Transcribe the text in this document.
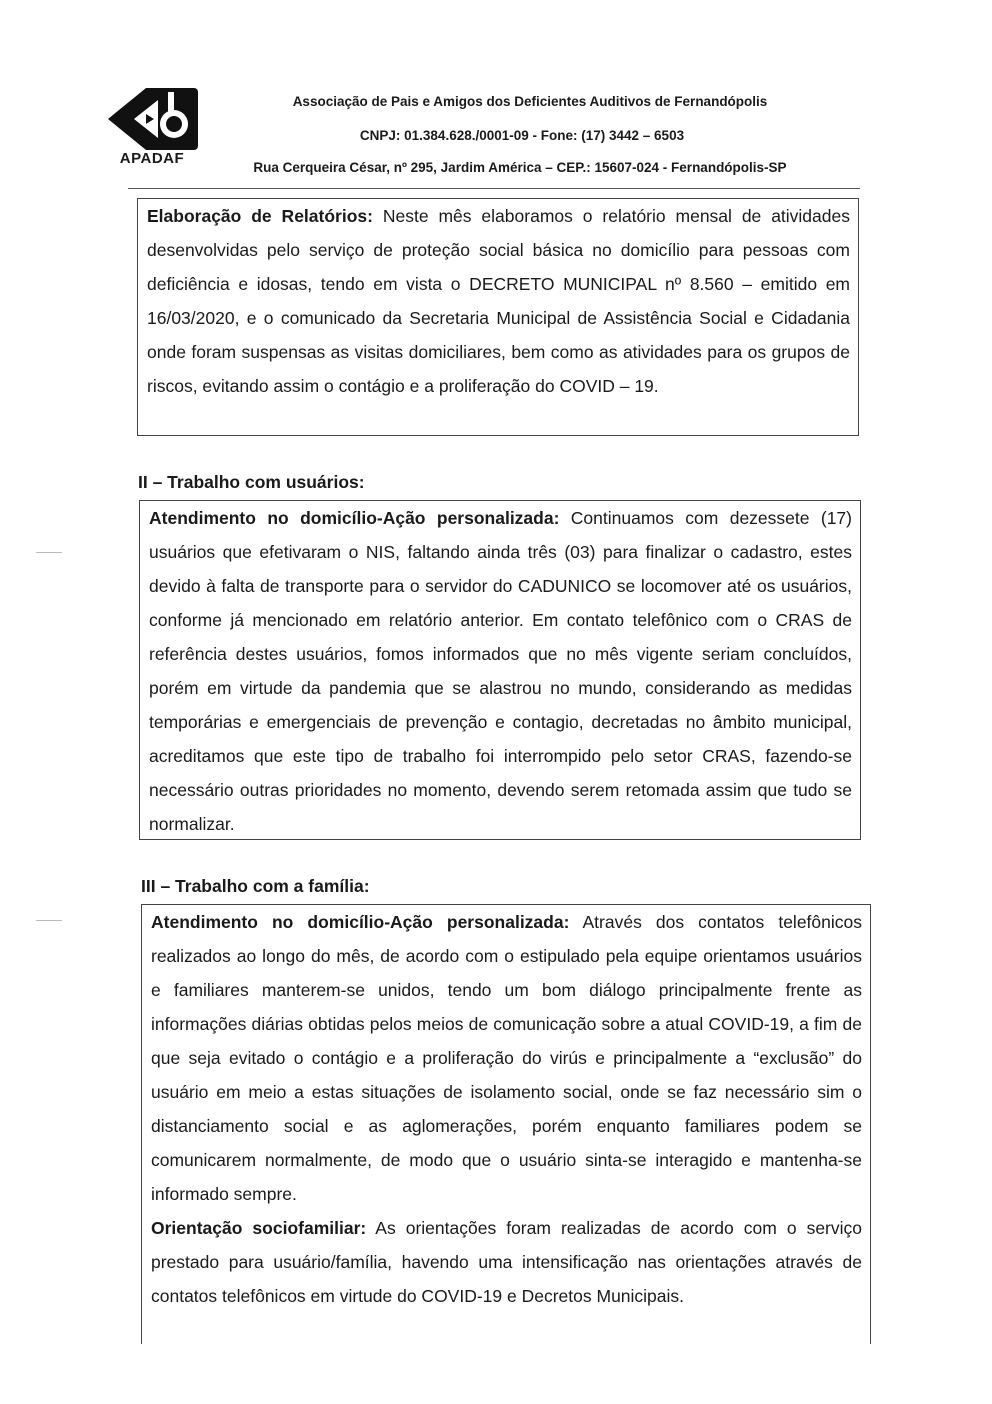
APADAF
Associação de Pais e Amigos dos Deficientes Auditivos de Fernandópolis
CNPJ: 01.384.628./0001-09 - Fone: (17) 3442 – 6503
Rua Cerqueira César, nº 295, Jardim América – CEP.: 15607-024 - Fernandópolis-SP

Elaboração de Relatórios: Neste mês elaboramos o relatório mensal de atividades desenvolvidas pelo serviço de proteção social básica no domicílio para pessoas com deficiência e idosas, tendo em vista o DECRETO MUNICIPAL nº 8.560 – emitido em 16/03/2020, e o comunicado da Secretaria Municipal de Assistência Social e Cidadania onde foram suspensas as visitas domiciliares, bem como as atividades para os grupos de riscos, evitando assim o contágio e a proliferação do COVID – 19.

II – Trabalho com usuários:

Atendimento no domicílio-Ação personalizada: Continuamos com dezessete (17) usuários que efetivaram o NIS, faltando ainda três (03) para finalizar o cadastro, estes devido à falta de transporte para o servidor do CADUNICO se locomover até os usuários, conforme já mencionado em relatório anterior. Em contato telefônico com o CRAS de referência destes usuários, fomos informados que no mês vigente seriam concluídos, porém em virtude da pandemia que se alastrou no mundo, considerando as medidas temporárias e emergenciais de prevenção e contagio, decretadas no âmbito municipal, acreditamos que este tipo de trabalho foi interrompido pelo setor CRAS, fazendo-se necessário outras prioridades no momento, devendo serem retomada assim que tudo se normalizar.

III – Trabalho com a família:

Atendimento no domicílio-Ação personalizada: Através dos contatos telefônicos realizados ao longo do mês, de acordo com o estipulado pela equipe orientamos usuários e familiares manterem-se unidos, tendo um bom diálogo principalmente frente as informações diárias obtidas pelos meios de comunicação sobre a atual COVID-19, a fim de que seja evitado o contágio e a proliferação do virús e principalmente a “exclusão” do usuário em meio a estas situações de isolamento social, onde se faz necessário sim o distanciamento social e as aglomerações, porém enquanto familiares podem se comunicarem normalmente, de modo que o usuário sinta-se interagido e mantenha-se informado sempre.

Orientação sociofamiliar: As orientações foram realizadas de acordo com o serviço prestado para usuário/família, havendo uma intensificação nas orientações através de contatos telefônicos em virtude do COVID-19 e Decretos Municipais.
